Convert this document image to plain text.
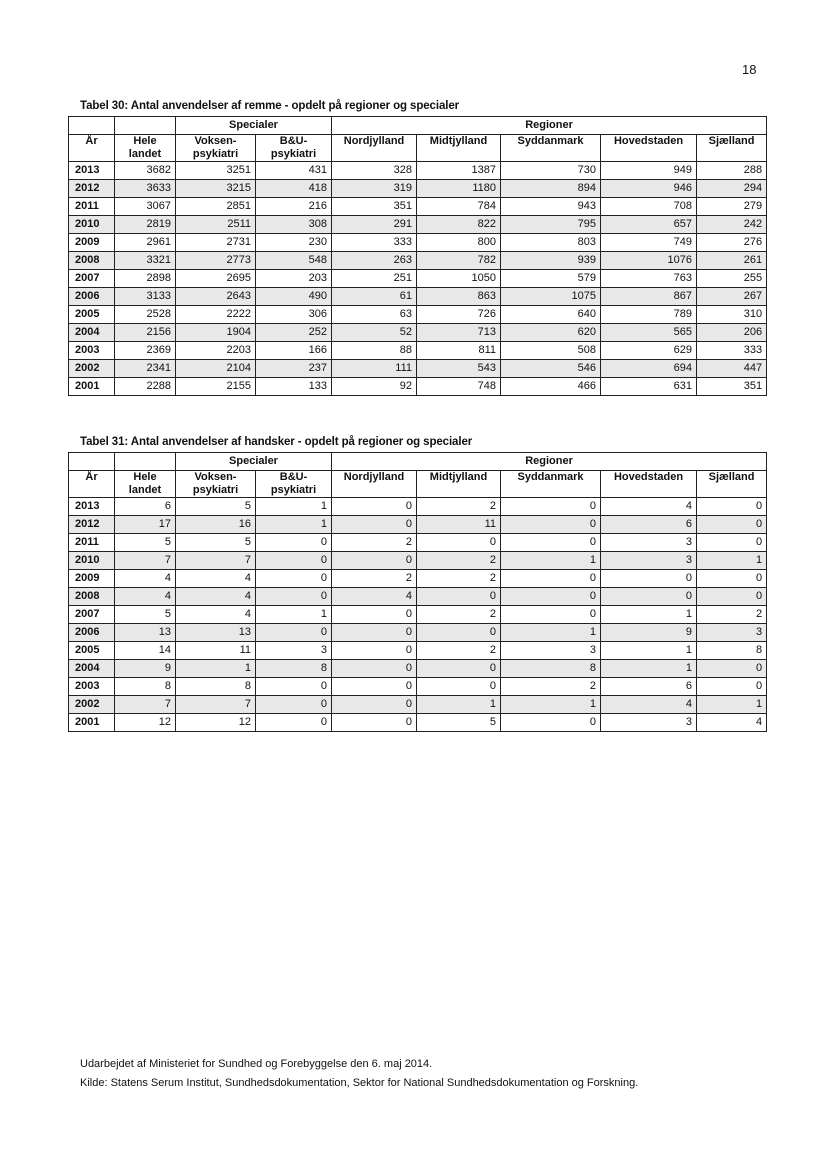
18
Tabel 30: Antal anvendelser af remme - opdelt på regioner og specialer
		Specialer		Regioner				
År	Hele landet	Voksen-psykiatri	B&U-psykiatri	Nordjylland	Midtjylland	Syddanmark	Hovedstaden	Sjælland
2013	3682	3251	431	328	1387	730	949	288
2012	3633	3215	418	319	1180	894	946	294
2011	3067	2851	216	351	784	943	708	279
2010	2819	2511	308	291	822	795	657	242
2009	2961	2731	230	333	800	803	749	276
2008	3321	2773	548	263	782	939	1076	261
2007	2898	2695	203	251	1050	579	763	255
2006	3133	2643	490	61	863	1075	867	267
2005	2528	2222	306	63	726	640	789	310
2004	2156	1904	252	52	713	620	565	206
2003	2369	2203	166	88	811	508	629	333
2002	2341	2104	237	111	543	546	694	447
2001	2288	2155	133	92	748	466	631	351
Tabel 31: Antal anvendelser af handsker - opdelt på regioner og specialer
		Specialer		Regioner				
År	Hele landet	Voksen-psykiatri	B&U-psykiatri	Nordjylland	Midtjylland	Syddanmark	Hovedstaden	Sjælland
2013	6	5	1	0	2	0	4	0
2012	17	16	1	0	11	0	6	0
2011	5	5	0	2	0	0	3	0
2010	7	7	0	0	2	1	3	1
2009	4	4	0	2	2	0	0	0
2008	4	4	0	4	0	0	0	0
2007	5	4	1	0	2	0	1	2
2006	13	13	0	0	0	1	9	3
2005	14	11	3	0	2	3	1	8
2004	9	1	8	0	0	8	1	0
2003	8	8	0	0	0	2	6	0
2002	7	7	0	0	1	1	4	1
2001	12	12	0	0	5	0	3	4
Udarbejdet af Ministeriet for Sundhed og Forebyggelse den 6. maj 2014.
Kilde: Statens Serum Institut, Sundhedsdokumentation, Sektor for National Sundhedsdokumentation og Forskning.
